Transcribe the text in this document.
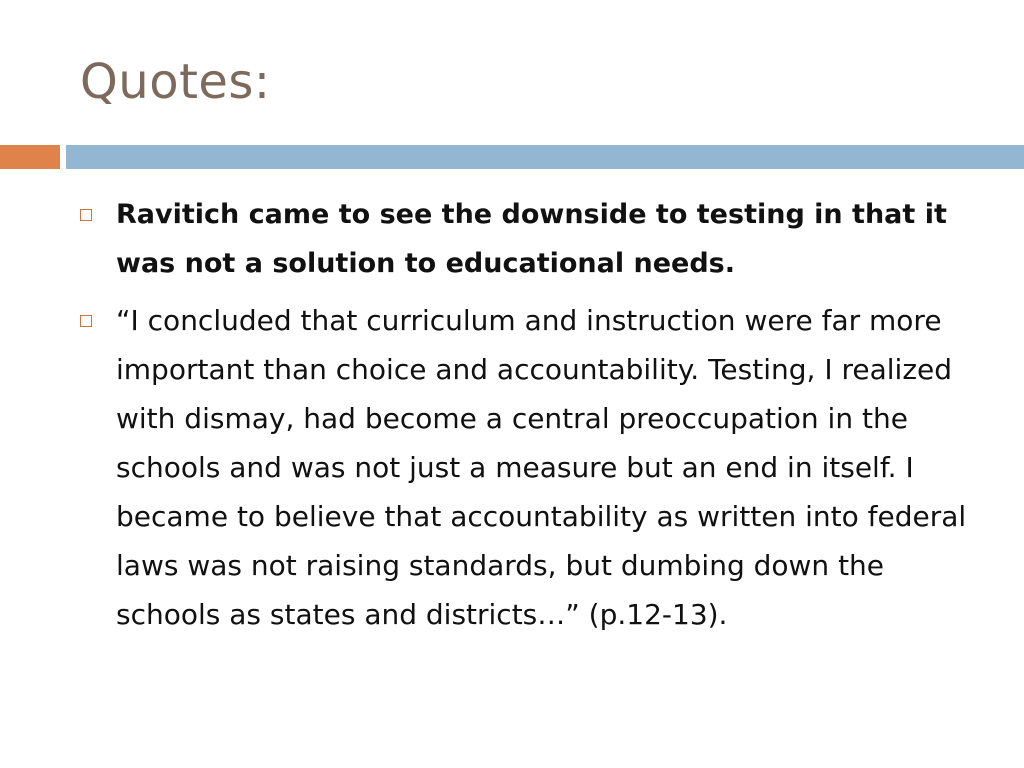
Quotes:
Ravitich came to see the downside to testing in that it was not a solution to educational needs.
“I concluded that curriculum and instruction were far more important than choice and accountability. Testing, I realized with dismay, had become a central preoccupation in the schools and was not just a measure but an end in itself. I became to believe that accountability as written into federal laws was not raising standards, but dumbing down the schools as states and districts…” (p.12-13).
